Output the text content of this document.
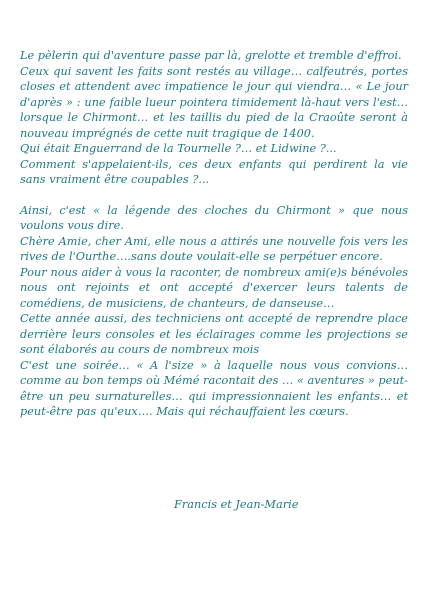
Le pèlerin qui d'aventure passe par là, grelotte et tremble d'effroi.

Ceux qui savent les faits sont restés au village… calfeutrés, portes closes et attendent avec impatience le jour qui viendra… « Le jour d'après » : une faible lueur pointera timidement là-haut vers l'est… lorsque le Chirmont… et les taillis du pied de la Craoûte seront à nouveau imprégnés de cette nuit tragique de 1400.

Qui était Enguerrand de la Tournelle ?… et Lidwine ?...

Comment s'appelaient-ils, ces deux enfants qui perdirent la vie sans vraiment être coupables ?...

Ainsi, c'est « la légende des cloches du Chirmont » que nous voulons vous dire.

Chère Amie, cher Ami, elle nous a attirés une nouvelle fois vers les rives de l'Ourthe….sans doute voulait-elle se perpétuer encore.

Pour nous aider à vous la raconter, de nombreux ami(e)s bénévoles nous ont rejoints et ont accepté d'exercer leurs talents de comédiens, de musiciens, de chanteurs, de danseuse…

Cette année aussi, des techniciens ont accepté de reprendre place derrière leurs consoles et les éclairages comme les projections se sont élaborés au cours de nombreux mois

C'est une soirée… « A l'size » à laquelle nous vous convions…comme au bon temps où Mémé racontait des … « aventures » peut-être un peu surnaturelles… qui impressionnaient les enfants… et peut-être pas qu'eux…. Mais qui réchauffaient les cœurs.

Francis et Jean-Marie
